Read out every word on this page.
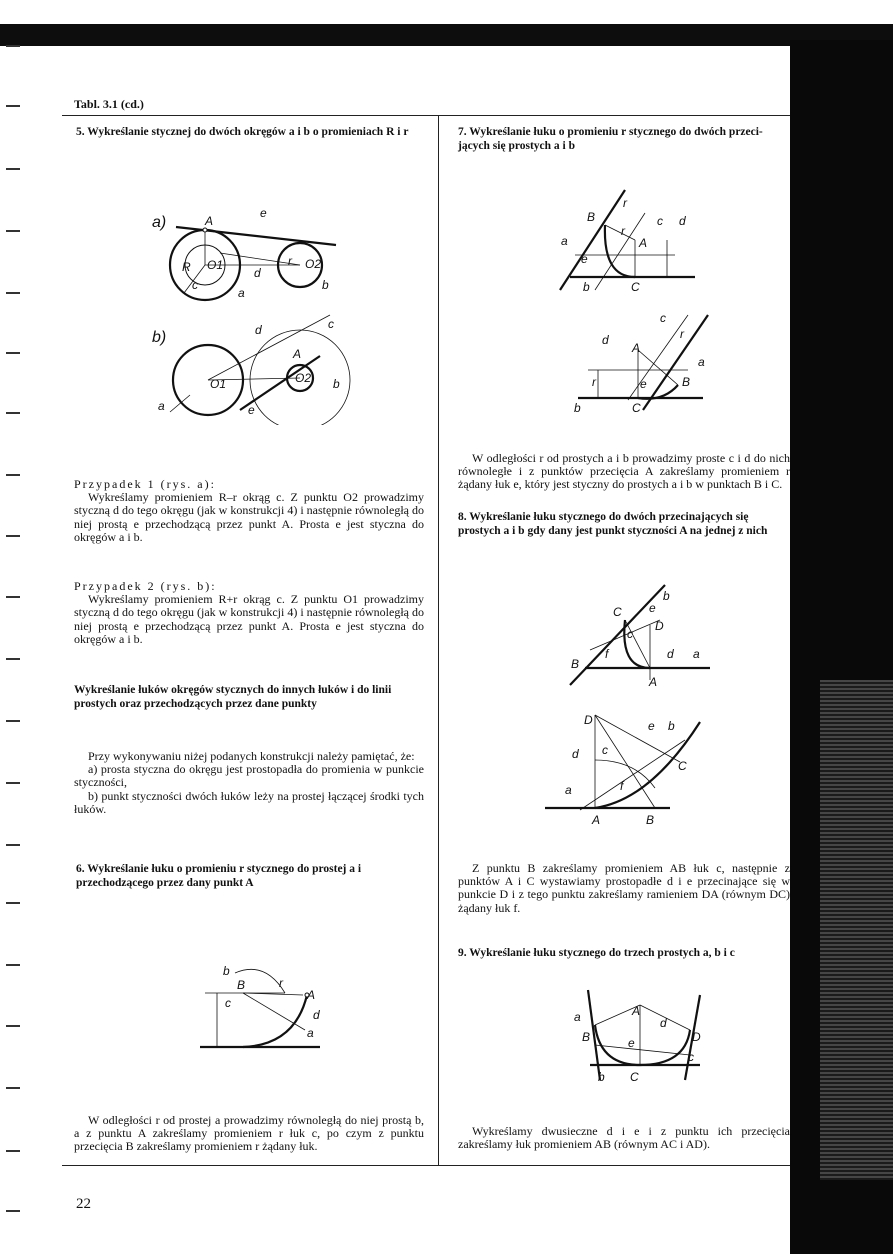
Tabl. 3.1 (cd.)
5. Wykreślanie stycznej do dwóch okręgów a i b o promieniach R i r
a)	A
e
R O1
d
r O2
c
a
b
b)	d	c
A
O1	O2 b
a	e
Przypadek 1 (rys. a):
Wykreślamy promieniem R–r okrąg c. Z punktu O2 prowadzimy styczną d do tego okręgu (jak w konstrukcji 4) i następnie równoległą do niej prostą e przechodzącą przez punkt A. Prosta e jest styczna do okręgów a i b.
Przypadek 2 (rys. b):
Wykreślamy promieniem R+r okrąg c. Z punktu O1 prowadzimy styczną d do tego okręgu (jak w konstrukcji 4) i następnie równoległą do niej prostą e przechodzącą przez punkt A. Prosta e jest styczna do okręgów a i b.
Wykreślanie łuków okręgów stycznych do innych łuków i do linii prostych oraz przechodzących przez dane punkty
Przy wykonywaniu niżej podanych konstrukcji należy pamiętać, że:
a) prosta styczna do okręgu jest prostopadła do promienia w punkcie styczności,
b) punkt styczności dwóch łuków leży na prostej łączącej środki tych łuków.
6. Wykreślanie łuku o promieniu r stycznego do prostej a i przechodzącego przez dany punkt A
b
B
c
r
A
d
a
W odległości r od prostej a prowadzimy równoległą do niej prostą b, a z punktu A zakreślamy promieniem r łuk c, po czym z punktu przecięcia B zakreślamy promieniem r żądany łuk.
7. Wykreślanie łuku o promieniu r stycznego do dwóch przeci- jących się prostych a i b
B
r
c d
A
a
e
r
b	C
c
d
A
r
a
r	e	B
b	C
W odległości r od prostych a i b prowadzimy proste c i d do nich równoległe i z punktów przecięcia A zakreślamy promieniem r żądany łuk e, który jest styczny do prostych a i b w punktach B i C.
8. Wykreślanie łuku stycznego do dwóch przecinających się prostych a i b gdy dany jest punkt styczności A na jednej z nich
b
C e
D
c
B
f	d a
A
D	e b
d c
C
f
a
A	B
Z punktu B zakreślamy promieniem AB łuk c, następnie z punktów A i C wystawiamy prostopadłe d i e przecinające się w punkcie D i z tego punktu zakreślamy ramieniem DA (równym DC) żądany łuk f.
9. Wykreślanie łuku stycznego do trzech prostych a, b i c
a	A
d
B	e	D
c
b C
Wykreślamy dwusieczne d i e i z punktu ich przecięcia zakreślamy łuk promieniem AB (równym AC i AD).
22
